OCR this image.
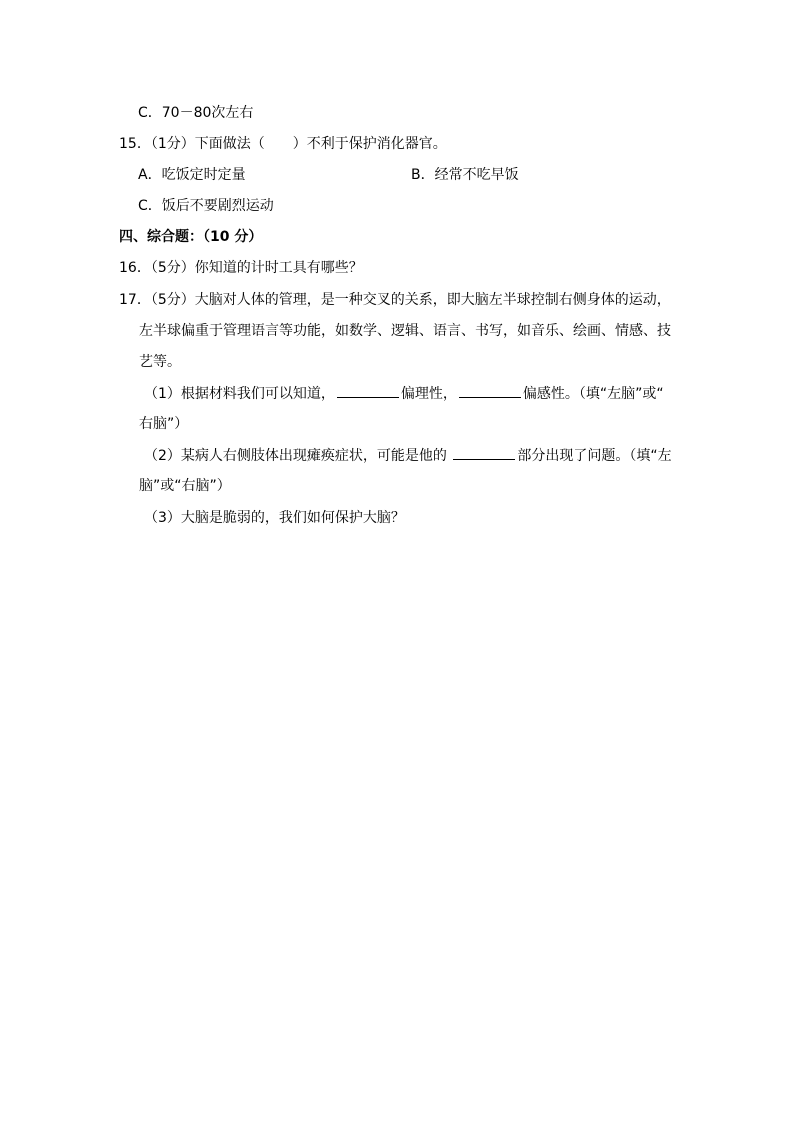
C．70－80次左右
15．（1分）下面做法（　　）不利于保护消化器官。
A．吃饭定时定量	B．经常不吃早饭
C．饭后不要剧烈运动
四、综合题：（10 分）
16．（5分）你知道的计时工具有哪些？
17．（5分）大脑对人体的管理，是一种交叉的关系，即大脑左半球控制右侧身体的运动，
左半球偏重于管理语言等功能，如数学、逻辑、语言、书写，如音乐、绘画、情感、技
艺等。
（1）根据材料我们可以知道，	偏理性，	偏感性。（填“左脑”或“
右脑”）
（2）某病人右侧肢体出现瘫痪症状，可能是他的	部分出现了问题。（填“左
脑”或“右脑”）
（3）大脑是脆弱的，我们如何保护大脑？
